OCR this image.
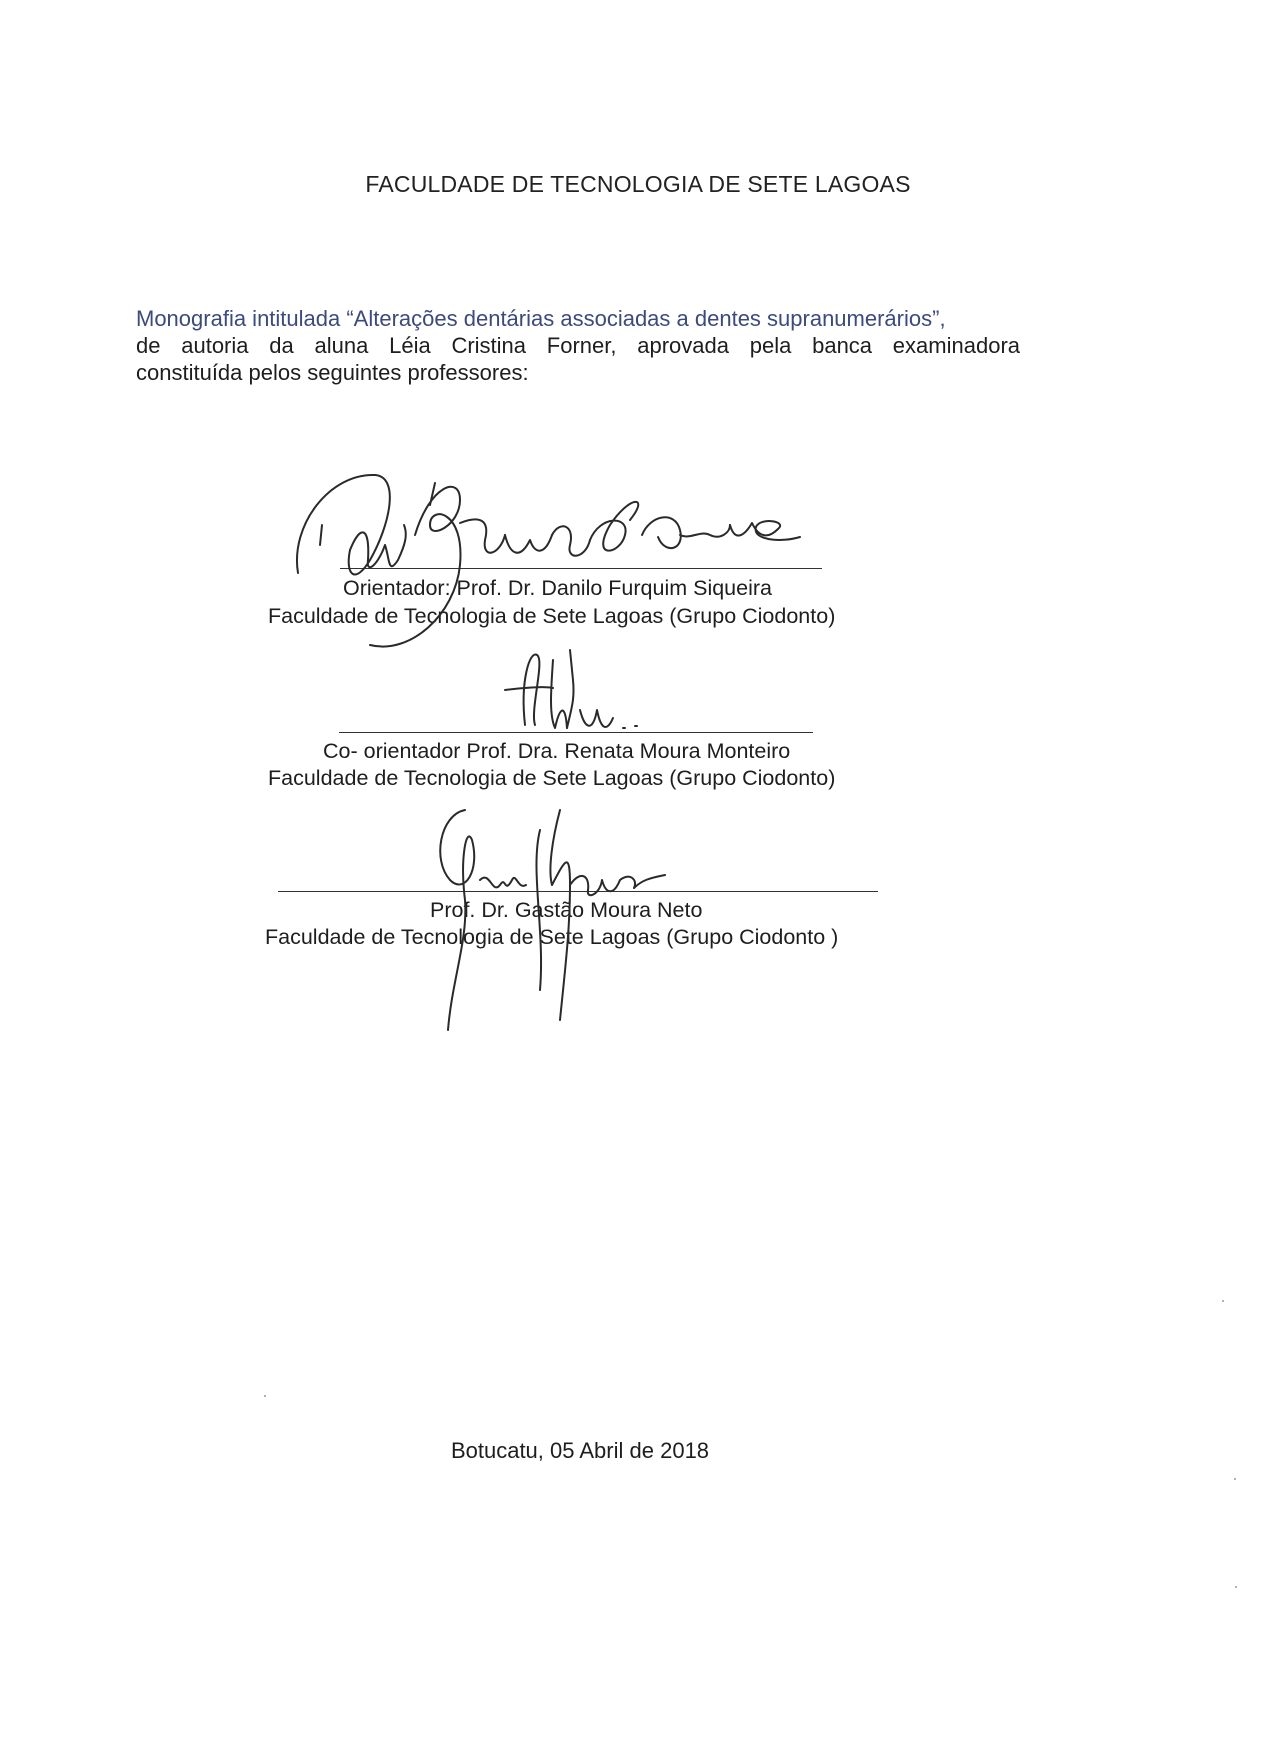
FACULDADE DE TECNOLOGIA DE SETE LAGOAS
Monografia intitulada “Alterações dentárias associadas a dentes supranumerários”,
de autoria da aluna Léia Cristina Forner, aprovada pela banca examinadora
constituída pelos seguintes professores:
Orientador: Prof. Dr. Danilo Furquim Siqueira
Faculdade de Tecnologia de Sete Lagoas (Grupo Ciodonto)
Co- orientador Prof. Dra. Renata Moura Monteiro
Faculdade de Tecnologia de Sete Lagoas (Grupo Ciodonto)
Prof. Dr. Gastão Moura Neto
Faculdade de Tecnologia de Sete Lagoas (Grupo Ciodonto )
Botucatu, 05 Abril de 2018
